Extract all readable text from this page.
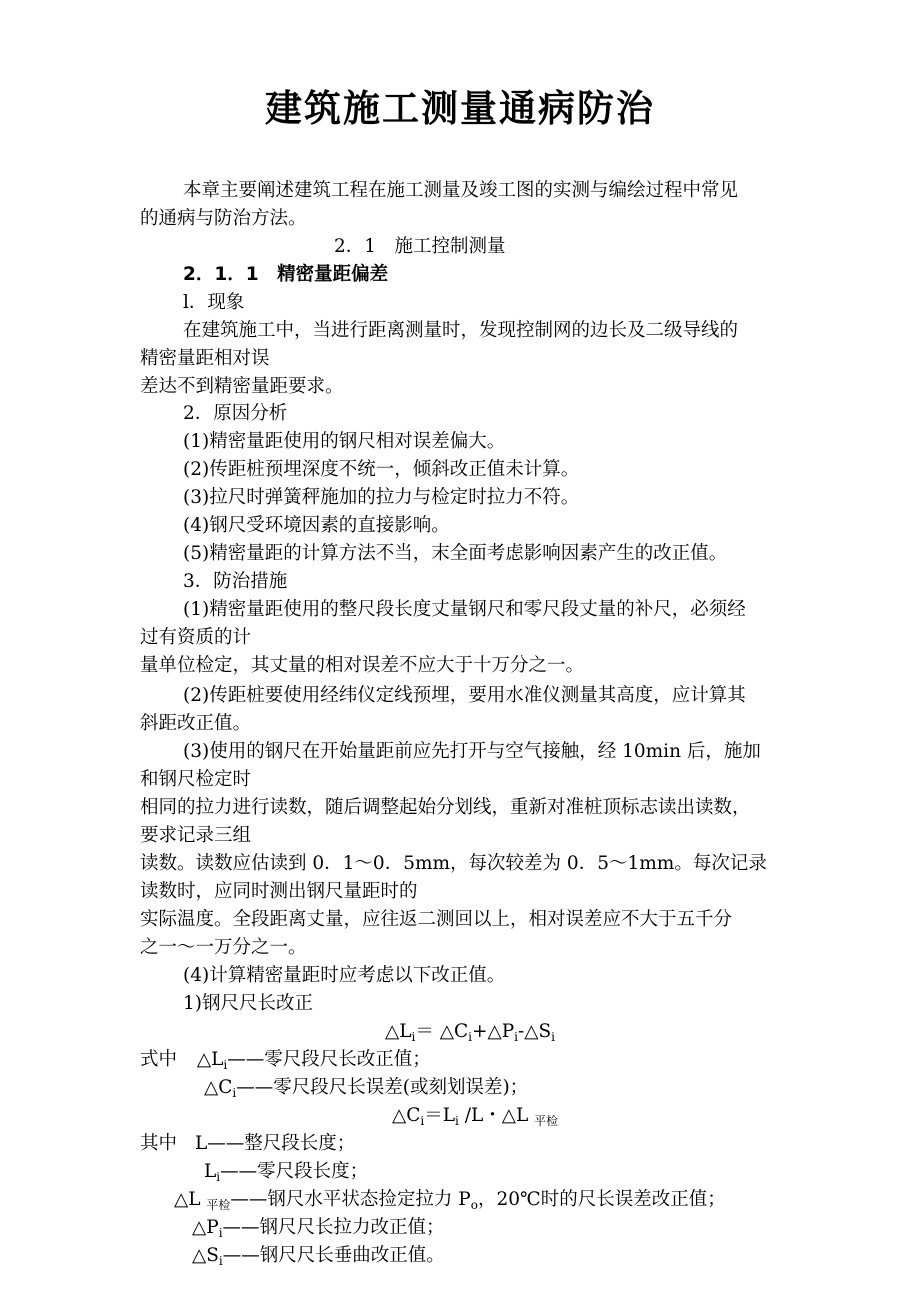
建筑施工测量通病防治
本章主要阐述建筑工程在施工测量及竣工图的实测与编绘过程中常见
的通病与防治方法。
2．1　施工控制测量
2．1．1　精密量距偏差
l．现象
在建筑施工中，当进行距离测量时，发现控制网的边长及二级导线的
精密量距相对误
差达不到精密量距要求。
2．原因分析
(1)精密量距使用的钢尺相对误差偏大。
(2)传距桩预埋深度不统一，倾斜改正值未计算。
(3)拉尺时弹簧秤施加的拉力与检定时拉力不符。
(4)钢尺受环境因素的直接影响。
(5)精密量距的计算方法不当，末全面考虑影响因素产生的改正值。
3．防治措施
(1)精密量距使用的整尺段长度丈量钢尺和零尺段丈量的补尺，必须经
过有资质的计
量单位检定，其丈量的相对误差不应大于十万分之一。
(2)传距桩要使用经纬仪定线预埋，要用水准仪测量其高度，应计算其
斜距改正值。
(3)使用的钢尺在开始量距前应先打开与空气接触，经 10min 后，施加
和钢尺检定时
相同的拉力进行读数，随后调整起始分划线，重新对准桩顶标志读出读数，
要求记录三组
读数。读数应估读到 0．1～0．5mm，每次较差为 0．5～1mm。每次记录
读数时，应同时测出钢尺量距时的
实际温度。全段距离丈量，应往返二测回以上，相对误差应不大于五千分
之一～一万分之一。
(4)计算精密量距时应考虑以下改正值。
1)钢尺尺长改正
$\triangle L_i=$ $\triangle C_i+\triangle P_i-\triangle S_i$
式中 $\triangle L_i——$零尺段尺长改正值；
$\triangle C_i——$零尺段尺长误差(或刻划误差)；
$\triangle C_i=L_i$ /L・△L $_{平检}$
其中 L——整尺段长度；
$L_i——$零尺段长度；
△L $_{平检}$——钢尺水平状态捡定拉力 $P_o$，20℃时的尺长误差改正值；
$\triangle P_i——$钢尺尺长拉力改正值；
$\triangle S_i——$钢尺尺长垂曲改正值。
